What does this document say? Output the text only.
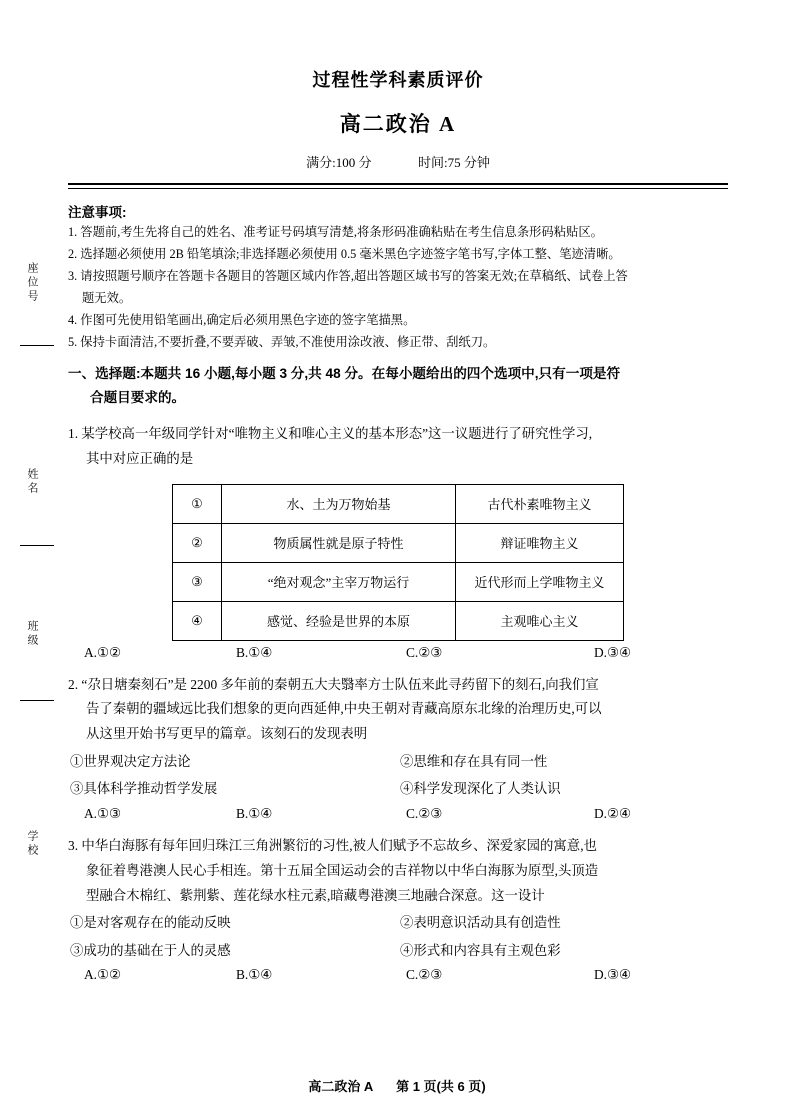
座位号
姓名
班级
学校
过程性学科素质评价
高二政治 A
满分:100 分	时间:75 分钟
注意事项:
1. 答题前,考生先将自己的姓名、准考证号码填写清楚,将条形码准确粘贴在考生信息条形码粘贴区。
2. 选择题必须使用 2B 铅笔填涂;非选择题必须使用 0.5 毫米黑色字迹签字笔书写,字体工整、笔迹清晰。
3. 请按照题号顺序在答题卡各题目的答题区域内作答,超出答题区域书写的答案无效;在草稿纸、试卷上答
题无效。
4. 作图可先使用铅笔画出,确定后必须用黑色字迹的签字笔描黑。
5. 保持卡面清洁,不要折叠,不要弄破、弄皱,不准使用涂改液、修正带、刮纸刀。
一、选择题:本题共 16 小题,每小题 3 分,共 48 分。在每小题给出的四个选项中,只有一项是符
合题目要求的。
1. 某学校高一年级同学针对“唯物主义和唯心主义的基本形态”这一议题进行了研究性学习,
其中对应正确的是
①	水、土为万物始基	古代朴素唯物主义
②	物质属性就是原子特性	辩证唯物主义
③	“绝对观念”主宰万物运行	近代形而上学唯物主义
④	感觉、经验是世界的本原	主观唯心主义
A.①②	B.①④	C.②③	D.③④
2. “尕日塘秦刻石”是 2200 多年前的秦朝五大夫翳率方士队伍来此寻药留下的刻石,向我们宣
告了秦朝的疆域远比我们想象的更向西延伸,中央王朝对青藏高原东北缘的治理历史,可以
从这里开始书写更早的篇章。该刻石的发现表明
①世界观决定方法论	②思维和存在具有同一性
③具体科学推动哲学发展	④科学发现深化了人类认识
A.①③	B.①④	C.②③	D.②④
3. 中华白海豚有每年回归珠江三角洲繁衍的习性,被人们赋予不忘故乡、深爱家园的寓意,也
象征着粤港澳人民心手相连。第十五届全国运动会的吉祥物以中华白海豚为原型,头顶造
型融合木棉红、紫荆紫、莲花绿水柱元素,暗藏粤港澳三地融合深意。这一设计
①是对客观存在的能动反映	②表明意识活动具有创造性
③成功的基础在于人的灵感	④形式和内容具有主观色彩
A.①②	B.①④	C.②③	D.③④
高二政治 A 第 1 页(共 6 页)
